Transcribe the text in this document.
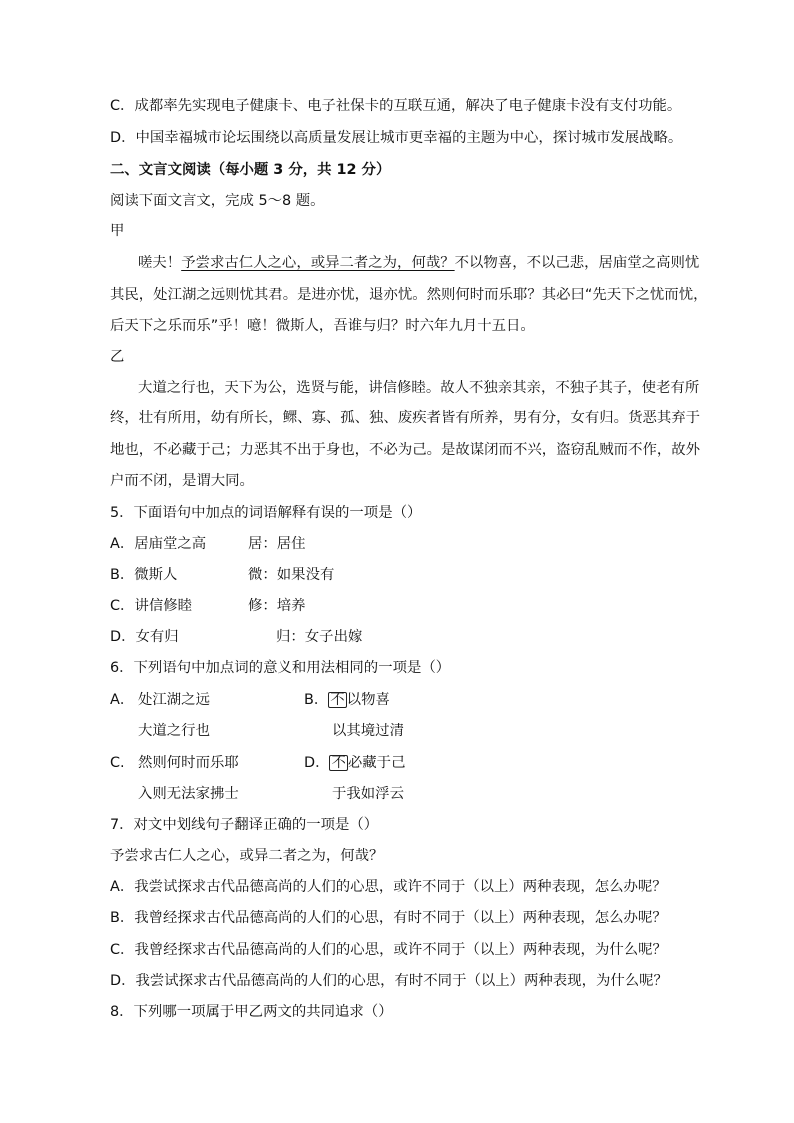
C．成都率先实现电子健康卡、电子社保卡的互联互通，解决了电子健康卡没有支付功能。
D．中国幸福城市论坛围绕以高质量发展让城市更幸福的主题为中心，探讨城市发展战略。
二、文言文阅读（每小题 3 分，共 12 分）
阅读下面文言文，完成 5～8 题。
甲
嗟夫！予尝求古仁人之心，或异二者之为，何哉？不以物喜，不以己悲，居庙堂之高则忧
其民，处江湖之远则忧其君。是进亦忧，退亦忧。然则何时而乐耶？其必曰“先天下之忧而忧，
后天下之乐而乐”乎！噫！微斯人，吾谁与归？时六年九月十五日。
乙
大道之行也，天下为公，选贤与能，讲信修睦。故人不独亲其亲，不独子其子，使老有所
终，壮有所用，幼有所长，鳏、寡、孤、独、废疾者皆有所养，男有分，女有归。货恶其弃于
地也，不必藏于己；力恶其不出于身也，不必为己。是故谋闭而不兴，盗窃乱贼而不作，故外
户而不闭，是谓大同。
5．下面语句中加点的词语解释有误的一项是（）
A．居庙堂之高	居：居住
B．微斯人	微：如果没有
C．讲信修睦	修：培养
D．女有归	归：女子出嫁
6．下列语句中加点词的意义和用法相同的一项是（）
A． 处江湖之远	B． 不 以物喜
大道之行也	以其境过清
C. 然则何时而乐耶	D． 不 必藏于己
入则无法家拂士	于我如浮云
7．对文中划线句子翻译正确的一项是（）
予尝求古仁人之心，或异二者之为，何哉？
A．我尝试探求古代品德高尚的人们的心思，或许不同于（以上）两种表现，怎么办呢？
B．我曾经探求古代品德高尚的人们的心思，有时不同于（以上）两种表现，怎么办呢？
C．我曾经探求古代品德高尚的人们的心思，或许不同于（以上）两种表现，为什么呢？
D．我尝试探求古代品德高尚的人们的心思，有时不同于（以上）两种表现，为什么呢？
8．下列哪一项属于甲乙两文的共同追求（）
